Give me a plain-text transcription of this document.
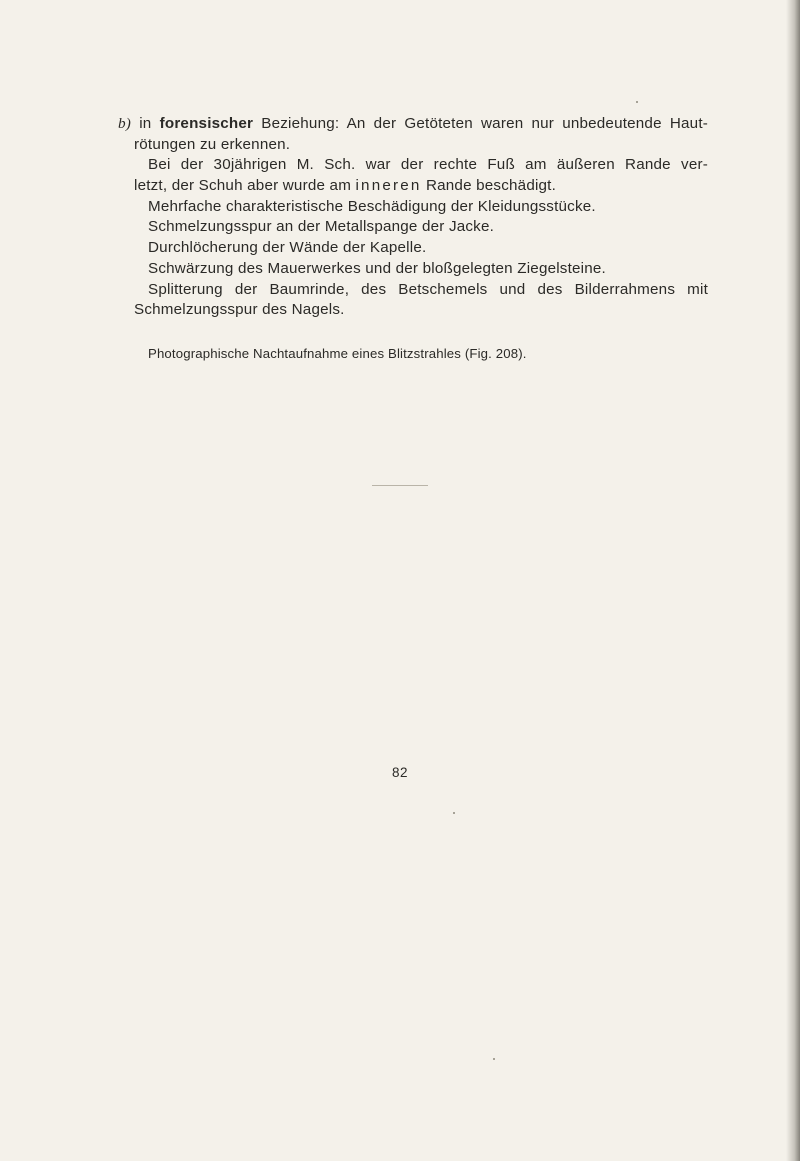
b) in forensischer Beziehung: An der Getöteten waren nur unbedeutende Haut-
rötungen zu erkennen.
Bei der 30jährigen M. Sch. war der rechte Fuß am äußeren Rande ver-
letzt, der Schuh aber wurde am inneren Rande beschädigt.
Mehrfache charakteristische Beschädigung der Kleidungsstücke.
Schmelzungsspur an der Metallspange der Jacke.
Durchlöcherung der Wände der Kapelle.
Schwärzung des Mauerwerkes und der bloßgelegten Ziegelsteine.
Splitterung der Baumrinde, des Betschemels und des Bilderrahmens mit
Schmelzungsspur des Nagels.
Photographische Nachtaufnahme eines Blitzstrahles (Fig. 208).
82
